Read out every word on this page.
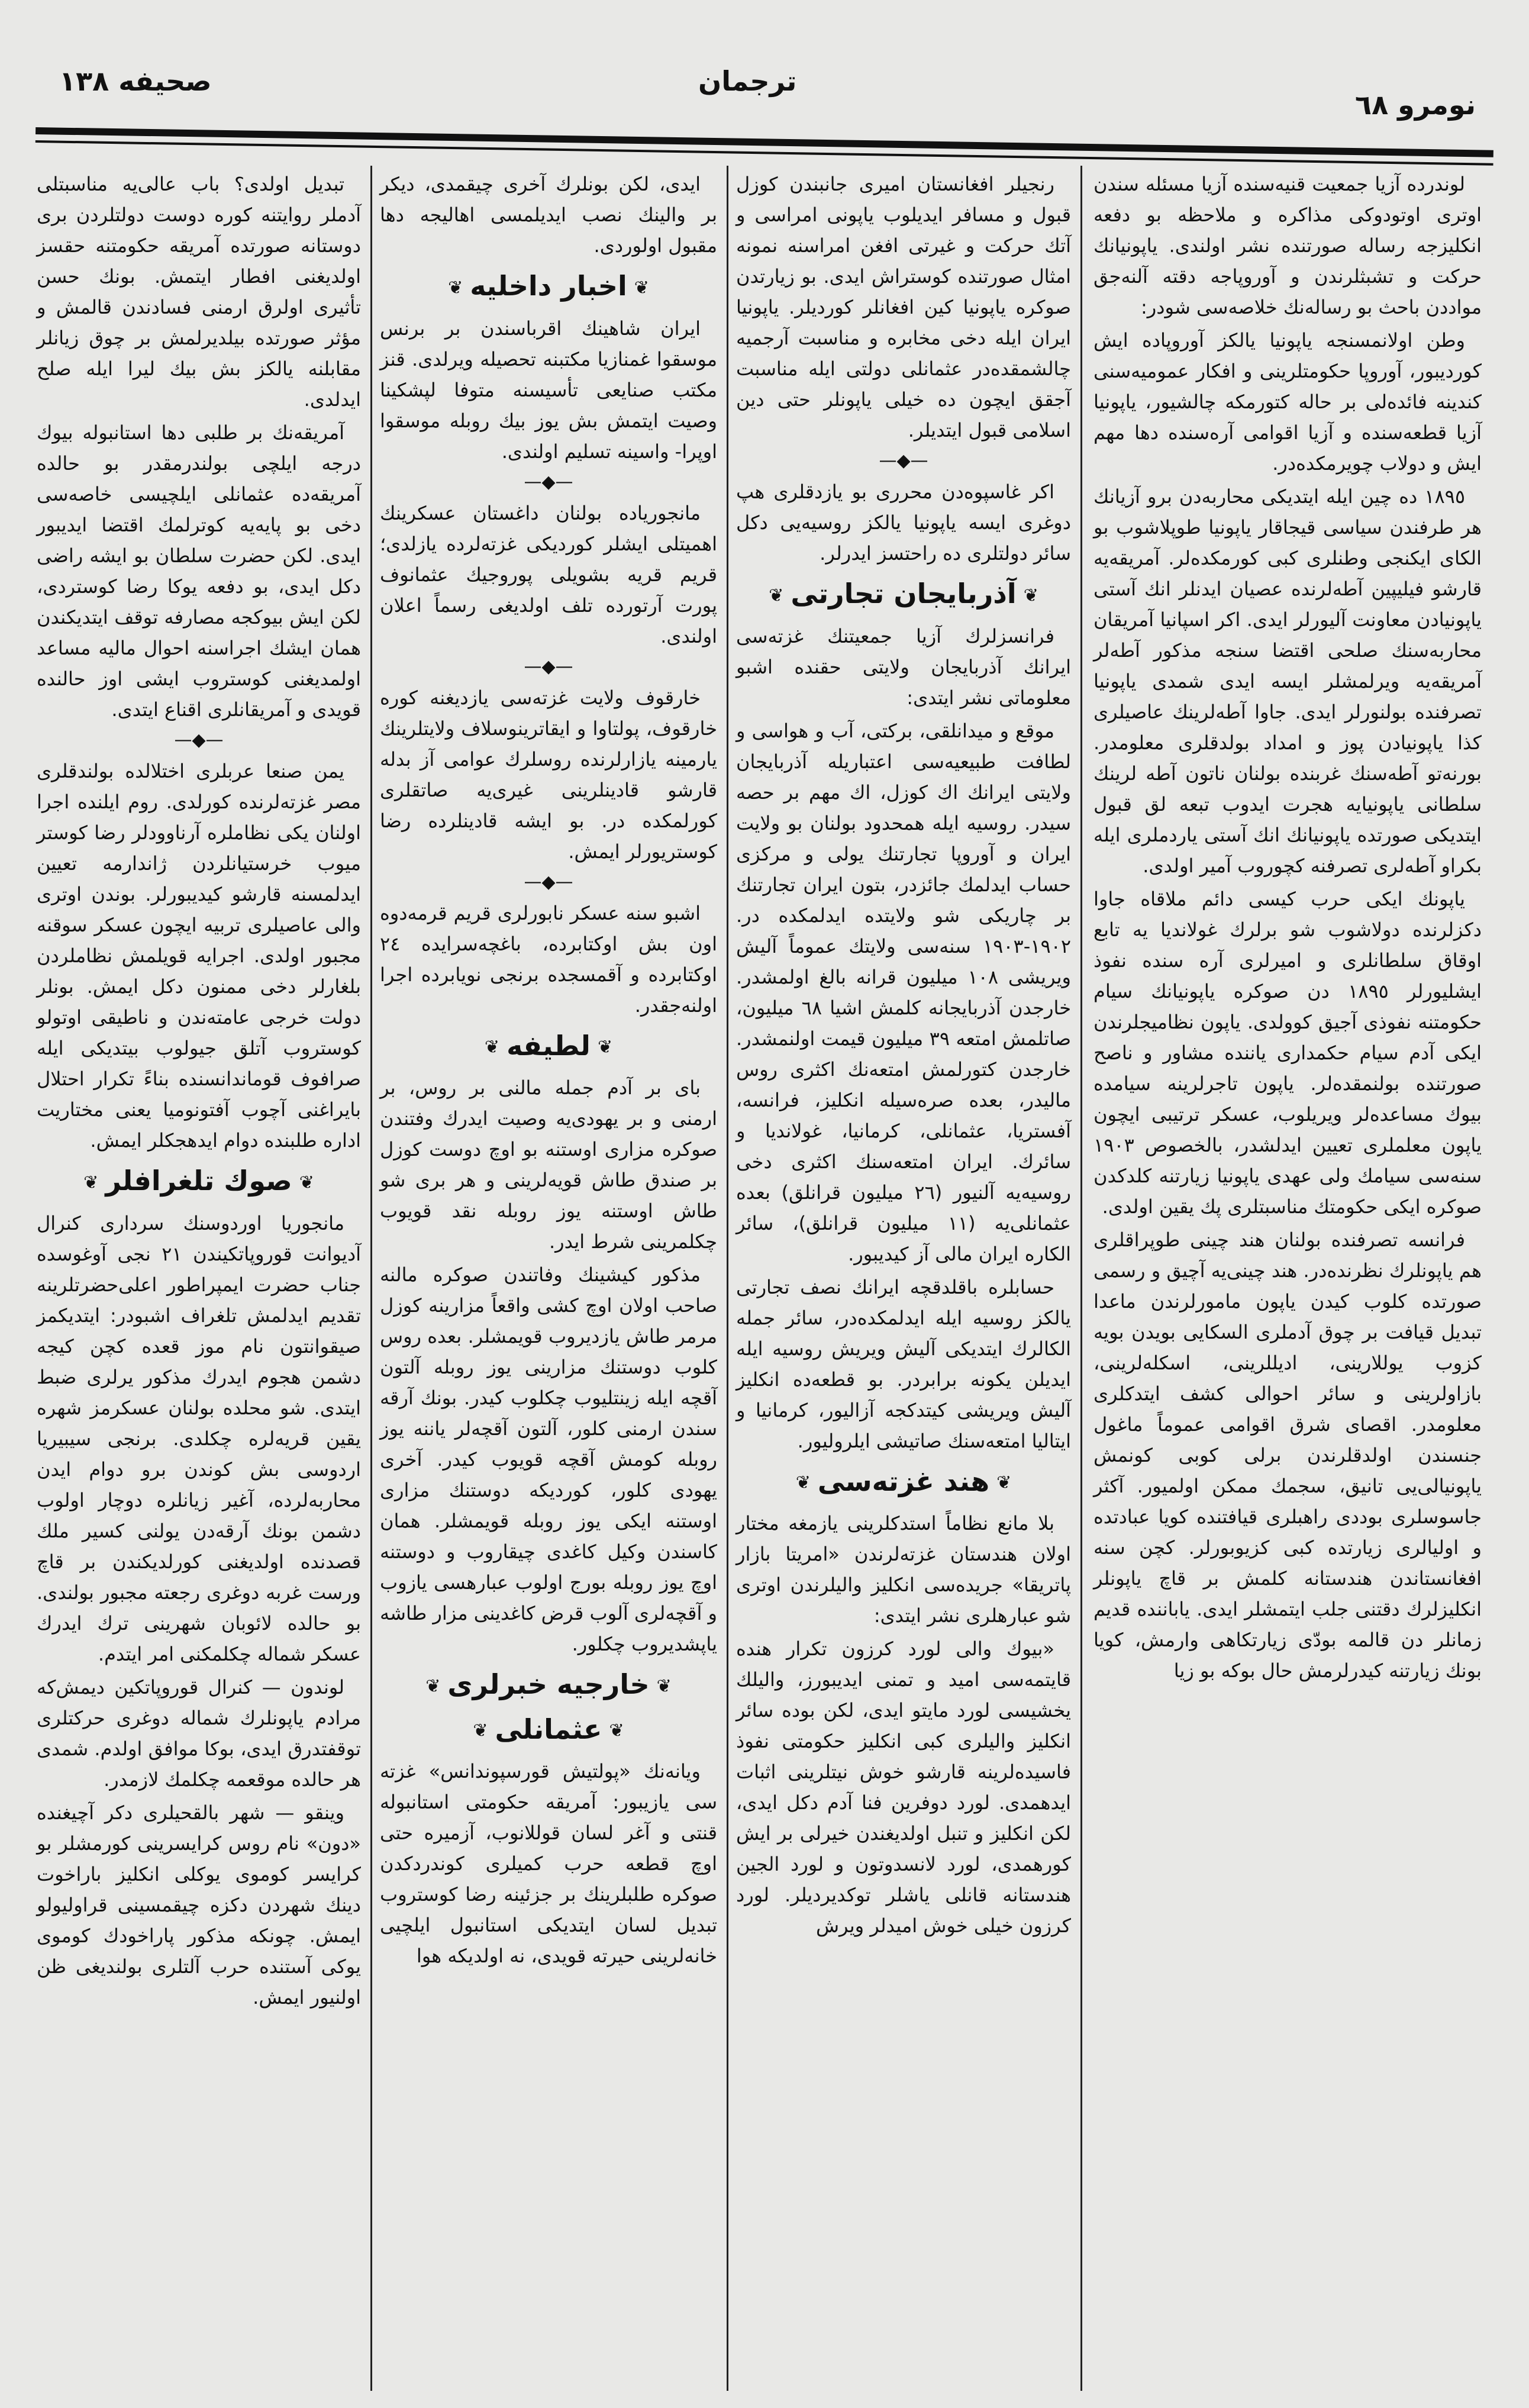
نومرو ٦٨
ترجمان
صحیفه ١٣٨
لوندرده آزیا جمعیت قنیه‌سنده آزیا مسئله سندن اوتری اوتودوکی مذاکره و ملاحظه بو دفعه انکلیزجه رساله صورتنده نشر اولندی. یاپونیانك حرکت و تشبثلرندن و آوروپاجه دقته آلنه‌جق مواددن باحث بو رساله‌نك خلاصه‌سی شودر:
وطن اولانمسنجه یاپونیا یالکز آوروپاده ایش کوردیبور، آوروپا حکومتلرینی و افکار عمومیه‌سنی کندینه فائده‌لی بر حاله کتورمکه چالشیور، یاپونیا آزیا قطعه‌سنده و آزیا اقوامی آره‌سنده دها مهم ایش و دولاب چویرمکده‌در.
١٨٩٥ ده چین ایله ایتدیکی محاربه‌دن برو آزیانك هر طرفندن سیاسی قیجاقار یاپونیا طوپلاشوب بو الکای ایکنجی وطنلری کبی کورمکده‌لر. آمریقه‌یه قارشو فیلیپین آطه‌لرنده عصیان ایدنلر انك آستی یاپونیادن معاونت آلیورلر ایدی. اکر اسپانیا آمریقان محاربه‌سنك صلحی اقتضا سنجه مذکور آطه‌لر آمریقه‌یه ویرلمشلر ایسه ایدی شمدی یاپونیا تصرفنده بولنورلر ایدی. جاوا آطه‌لرینك عاصیلری کذا یاپونیادن پوز و امداد بولدقلری معلومدر. بورنه‌تو آطه‌سنك غربنده بولنان ناتون آطه لرینك سلطانی یاپونیایه هجرت ایدوب تبعه لق قبول ایتدیکی صورتده یاپونیانك انك آستی یاردملری ایله بکراو آطه‌لری تصرفنه کچوروب آمیر اولدی.
یاپونك ایکی حرب کیسی دائم ملاقاه جاوا دکزلرنده دولاشوب شو برلرك غولاندیا یه تابع اوقاق سلطانلری و امیرلری آره سنده نفوذ ایشلیورلر ١٨٩٥ دن صوکره یاپونیانك سیام حکومتنه نفوذی آجیق کوولدی. یاپون نظامیجلرندن ایکی آدم سیام حکمداری یاننده مشاور و ناصح صورتنده بولنمقده‌لر. یاپون تاجرلرینه سیامده بیوك مساعده‌لر ویریلوب، عسکر ترتیبی ایچون یاپون معلملری تعیین ایدلشدر، بالخصوص ١٩٠٣ سنه‌سی سیامك ولی عهدی یاپونیا زیارتنه کلدکدن صوکره ایکی حکومتك مناسبتلری پك یقین اولدی.
فرانسه تصرفنده بولنان هند چینی طوپراقلری هم یاپونلرك نظرنده‌در. هند چینی‌یه آچیق و رسمی صورتده کلوب کیدن یاپون مامورلرندن ماعدا تبدیل قیافت بر چوق آدملری السکایی بویدن بویه کزوب یوللارینی، ادیللرینی، اسکله‌لرینی، بازاولرینی و سائر احوالی کشف ایتدکلری معلومدر. اقصای شرق اقوامی عموماً ماغول جنسندن اولدقلرندن برلی کوبی کونمش یاپونیالی‌یی تانیق، سجمك ممکن اولمیور. آکثر جاسوسلری بوددی راهبلری قیافتنده کویا عبادتده و اولیالری زیارتده کبی کزیوبورلر. کچن سنه افغانستاندن هندستانه کلمش بر قاچ یاپونلر انکلیزلرك دقتنی جلب ایتمشلر ایدی. یاباننده قدیم زمانلر دن قالمه بودّی زیارتکاهی وارمش، کویا بونك زیارتنه کیدرلرمش حال بوکه بو زیا
رنجیلر افغانستان امیری جانبندن کوزل قبول و مسافر ایدیلوب یاپونی امراسی و آتك حرکت و غیرتی افغن امراسنه نمونه امثال صورتنده کوستراش ایدی. بو زیارتدن صوکره یاپونیا کین افغانلر کوردیلر. یاپونیا ایران ایله دخی مخابره و مناسبت آرجمیه چالشمقده‌در عثمانلی دولتی ایله مناسبت آجقق ایچون ده خیلی یاپونلر حتی دین اسلامی قبول ایتدیلر.
—◆—
اکر غاسپوه‌دن محرری بو یازدقلری هپ دوغری ایسه یاپونیا یالکز روسیه‌یی دکل سائر دولتلری ده راحتسز ایدرلر.
❦ آذربایجان تجارتی ❦
فرانسزلرك آزیا جمعیتنك غزته‌سی ایرانك آذربایجان ولایتی حقنده اشبو معلوماتی نشر ایتدی:
موقع و میدانلقی، برکتی، آب و هواسی و لطافت طبیعیه‌سی اعتباریله آذربایجان ولایتی ایرانك اك کوزل، اك مهم بر حصه سیدر. روسیه ایله همحدود بولنان بو ولایت ایران و آوروپا تجارتنك یولی و مرکزی حساب ایدلمك جائزدر، بتون ایران تجارتنك بر چاریکی شو ولایتده ایدلمکده در. ١٩٠٢-١٩٠٣ سنه‌سی ولایتك عموماً آلیش ویریشی ١٠٨ میلیون قرانه بالغ اولمشدر. خارجدن آذربایجانه کلمش اشیا ٦٨ میلیون، صاتلمش امتعه ٣٩ میلیون قیمت اولنمشدر. خارجدن کتورلمش امتعه‌نك اکثری روس مالیدر، بعده صره‌سیله انکلیز، فرانسه، آفستریا، عثمانلی، کرمانیا، غولاندیا و سائرك. ایران امتعه‌سنك اکثری دخی روسیه‌یه آلنیور (٢٦ میلیون قرانلق) بعده عثمانلی‌یه (١١ میلیون قرانلق)، سائر الکاره ایران مالی آز کیدیبور.
حسابلره باقلدقچه ایرانك نصف تجارتی یالکز روسیه ایله ایدلمکده‌در، سائر جمله الکالرك ایتدیکی آلیش ویریش روسیه ایله ایدیلن یکونه برابردر. بو قطعه‌ده انکلیز آلیش ویریشی کیتدکجه آزالیور، کرمانیا و ایتالیا امتعه‌سنك صاتیشی ایلرولیور.
❦ هند غزته‌سی ❦
بلا مانع نظاماً استدکلرینی یازمغه مختار اولان هندستان غزته‌لرندن «امریتا بازار پاتریقا» جریده‌سی انکلیز والیلرندن اوتری شو عبارهلری نشر ایتدی:
«بیوك والی لورد کرزون تکرار هنده قایتمه‌سی امید و تمنی ایدیبورز، والیلك یخشیسی لورد مایتو ایدی، لکن بوده سائر انکلیز والیلری کبی انکلیز حکومتی نفوذ فاسیده‌لرینه قارشو خوش نیتلرینی اثبات ایدهمدی. لورد دوفرین فنا آدم دکل ایدی، لکن انکلیز و تنبل اولدیغندن خیرلی بر ایش کورهمدی، لورد لانسدوتون و لورد الجین هندستانه قانلی یاشلر توکدیردیلر. لورد کرزون خیلی خوش امیدلر ویرش
ایدی، لکن بونلرك آخری چیقمدی، دیکر بر والینك نصب ایدیلمسی اهالیجه دها مقبول اولوردی.
❦ اخبار داخلیه ❦
ایران شاهینك اقرباسندن بر برنس موسقوا غمنازیا مکتبنه تحصیله ویرلدی. قنز مکتب صنایعی تأسیسنه متوفا لپشکینا وصیت ایتمش بش یوز بیك روبله موسقوا اوپرا- واسینه تسلیم اولندی.
—◆—
مانجوریاده بولنان داغستان عسکرینك اهمیتلی ایشلر کوردیکی غزته‌لرده یازلدی؛ قریم قریه‌ بشویلی پوروجیك عثمانوف پورت آرتورده تلف اولدیغی رسماً اعلان اولندی.
—◆—
خارقوف ولایت غزته‌سی یازدیغنه کوره خارقوف، پولتاوا و ایقاترینوسلاف ولایتلرینك یارمینه یازارلرنده روسلرك عوامی آز بدله قارشو قادینلرینی غیری‌یه صاتقلری کورلمکده در. بو ایشه قادینلرده رضا کوستریورلر ایمش.
—◆—
اشبو سنه عسکر نابورلری قریم قرمه‌دوه اون بش اوکتابرده، باغچه‌سرایده ٢٤ اوکتابرده و آقمسجده برنجی نویابرده اجرا اولنه‌جقدر.
❦ لطیفه ❦
بای بر آدم جمله مالنی بر روس، بر ارمنی و بر یهودی‌یه وصیت ایدرك وفتندن صوکره مزاری اوستنه بو اوچ دوست کوزل بر صندق طاش قویه‌لرینی و هر بری شو طاش اوستنه یوز روبله نقد قویوب چکلمرینی شرط ایدر.
مذکور کیشینك وفاتندن صوکره مالنه صاحب اولان اوچ کشی واقعاً مزارینه کوزل مرمر طاش یازدیروب قویمشلر. بعده روس کلوب دوستنك مزارینی یوز روبله آلتون آقچه ایله زینتلیوب چکلوب کیدر. بونك آرقه سندن ارمنی کلور، آلتون آقچه‌لر یاننه یوز روبله کومش آقچه قویوب کیدر. آخری یهودی کلور، کوردیکه دوستنك مزاری اوستنه ایکی یوز روبله قویمشلر. همان کاسندن وکیل کاغدی چیقاروب و دوستنه اوچ یوز روبله بورج اولوب عبارهسی یازوب و آقچه‌لری آلوب قرض کاغدینی مزار طاشه یاپشدیروب چکلور.
❦ خارجیه خبرلری ❦
❦ عثمانلی ❦
ویانه‌نك «پولتیش قورسپوندانس» غزته سی یازیبور: آمریقه حکومتی استانبوله قنتی و آغر لسان قوللانوب، آزمیره حتی اوچ قطعه حرب کمیلری کوندردکدن صوکره طلبلرینك بر جزئینه رضا کوستروب تبدیل لسان ایتدیکی استانبول ایلچیی خانه‌لرینی حیرته قویدی، نه اولدیکه هوا
تبدیل اولدی؟ باب عالی‌یه مناسبتلی آدملر روایتنه کوره دوست دولتلردن بری دوستانه صورتده آمریقه حکومتنه حقسز اولدیغنی افطار ایتمش. بونك حسن تأثیری اولرق ارمنی فسادندن قالمش و مؤثر صورتده بیلدیرلمش بر چوق زیانلر مقابلنه یالکز بش بیك لیرا ایله صلح ایدلدی.
آمریقه‌نك بر طلبی دها استانبوله بیوك درجه ایلچی بولندرمقدر بو حالده آمریقه‌ده عثمانلی ایلچیسی خاصه‌سی دخی بو پایه‌یه کوترلمك اقتضا ایدیبور ایدی. لکن حضرت سلطان بو ایشه راضی دکل ایدی، بو دفعه یوکا رضا کوستردی، لکن ایش بیوکجه مصارفه توقف ایتدیکندن همان ایشك اجراسنه احوال مالیه مساعد اولمدیغنی کوستروب ایشی اوز حالنده قویدی و آمریقانلری اقناع ایتدی.
—◆—
یمن صنعا عربلری اختلالده بولندقلری مصر غزته‌لرنده کورلدی. روم ایلنده اجرا اولنان یکی نظاملره آرناوودلر رضا کوستر میوب خرستیانلردن ژاندارمه تعیین ایدلمسنه قارشو کیدیبورلر. بوندن اوتری والی عاصیلری تربیه ایچون عسکر سوقنه مجبور اولدی. اجرایه قویلمش نظاملردن بلغارلر دخی ممنون دکل ایمش. بونلر دولت خرجی عامته‌ندن و ناطیقی اوتولو کوستروب آتلق جیولوب بیتدیکی ایله صرافوف قوماندانسنده بناءً تکرار احتلال بایراغنی آچوب آفتونومیا یعنی مختاریت اداره طلبنده دوام ایدهجکلر ایمش.
❦ صوك تلغرافلر ❦
مانجوریا اوردوسنك سرداری کنرال آدیوانت قوروپاتکیندن ٢١ نجی آوغوسده جناب حضرت ایمپراطور اعلی‌حضرتلرینه تقدیم ایدلمش تلغراف اشبودر: ایتدیکمز صیقوانتون نام موز قعده کچن کیجه دشمن هجوم ایدرك مذکور یرلری ضبط ایتدی. شو محلده بولنان عسکرمز شهره یقین قریه‌لره چکلدی. برنجی سیبیریا اردوسی بش کوندن برو دوام ایدن محاربه‌لرده، آغیر زیانلره دوچار اولوب دشمن بونك آرقه‌دن یولنی کسیر ملك قصدنده اولدیغنی کورلدیکندن بر قاچ ورست غربه دوغری رجعته مجبور بولندی. بو حالده لائوبان شهرینی ترك ایدرك عسکر شماله چکلمکنی امر ایتدم.
لوندون — کنرال قوروپاتکین دیمش‌که مرادم یاپونلرك شماله دوغری حرکتلری توقفتدرق ایدی، بوکا موافق اولدم. شمدی هر حالده موقعمه چکلمك لازمدر.
وینقو — شهر بالقحیلری دکر آچیغنده «دون» نام روس کرایسرینی کورمشلر بو کرایسر کوموی یوکلی انکلیز باراخوت دینك شهردن دکزه چیقمسینی قراولیولو ایمش. چونکه مذکور پاراخودك کوموی یوکی آستنده حرب آلتلری بولندیغی ظن اولنیور ایمش.
